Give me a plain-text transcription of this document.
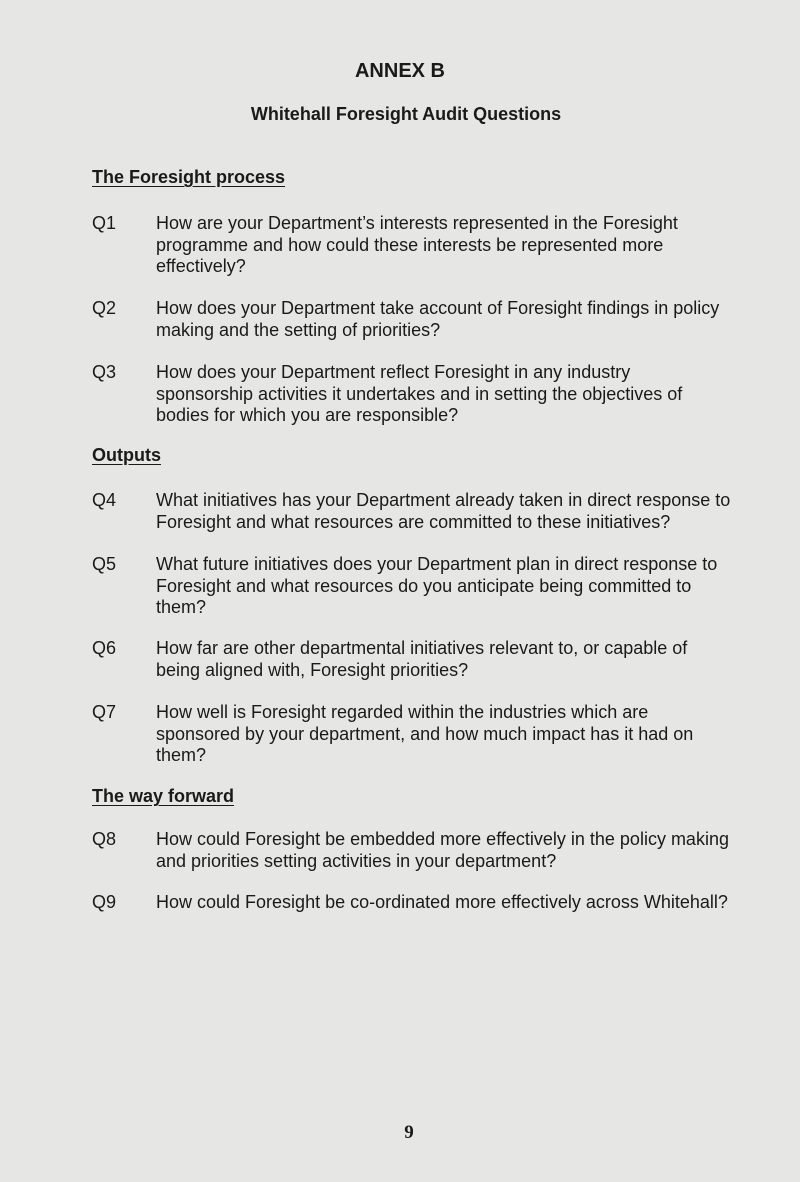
ANNEX B
Whitehall Foresight Audit Questions
The Foresight process
Q1	How are your Department’s interests represented in the Foresight programme and how could these interests be represented more effectively?
Q2	How does your Department take account of Foresight findings in policy making and the setting of priorities?
Q3	How does your Department reflect Foresight in any industry sponsorship activities it undertakes and in setting the objectives of bodies for which you are responsible?
Outputs
Q4	What initiatives has your Department already taken in direct response to Foresight and what resources are committed to these initiatives?
Q5	What future initiatives does your Department plan in direct response to Foresight and what resources do you anticipate being committed to them?
Q6	How far are other departmental initiatives relevant to, or capable of being aligned with, Foresight priorities?
Q7	How well is Foresight regarded within the industries which are sponsored by your department, and how much impact has it had on them?
The way forward
Q8	How could Foresight be embedded more effectively in the policy making and priorities setting activities in your department?
Q9	How could Foresight be co-ordinated more effectively across Whitehall?
9
